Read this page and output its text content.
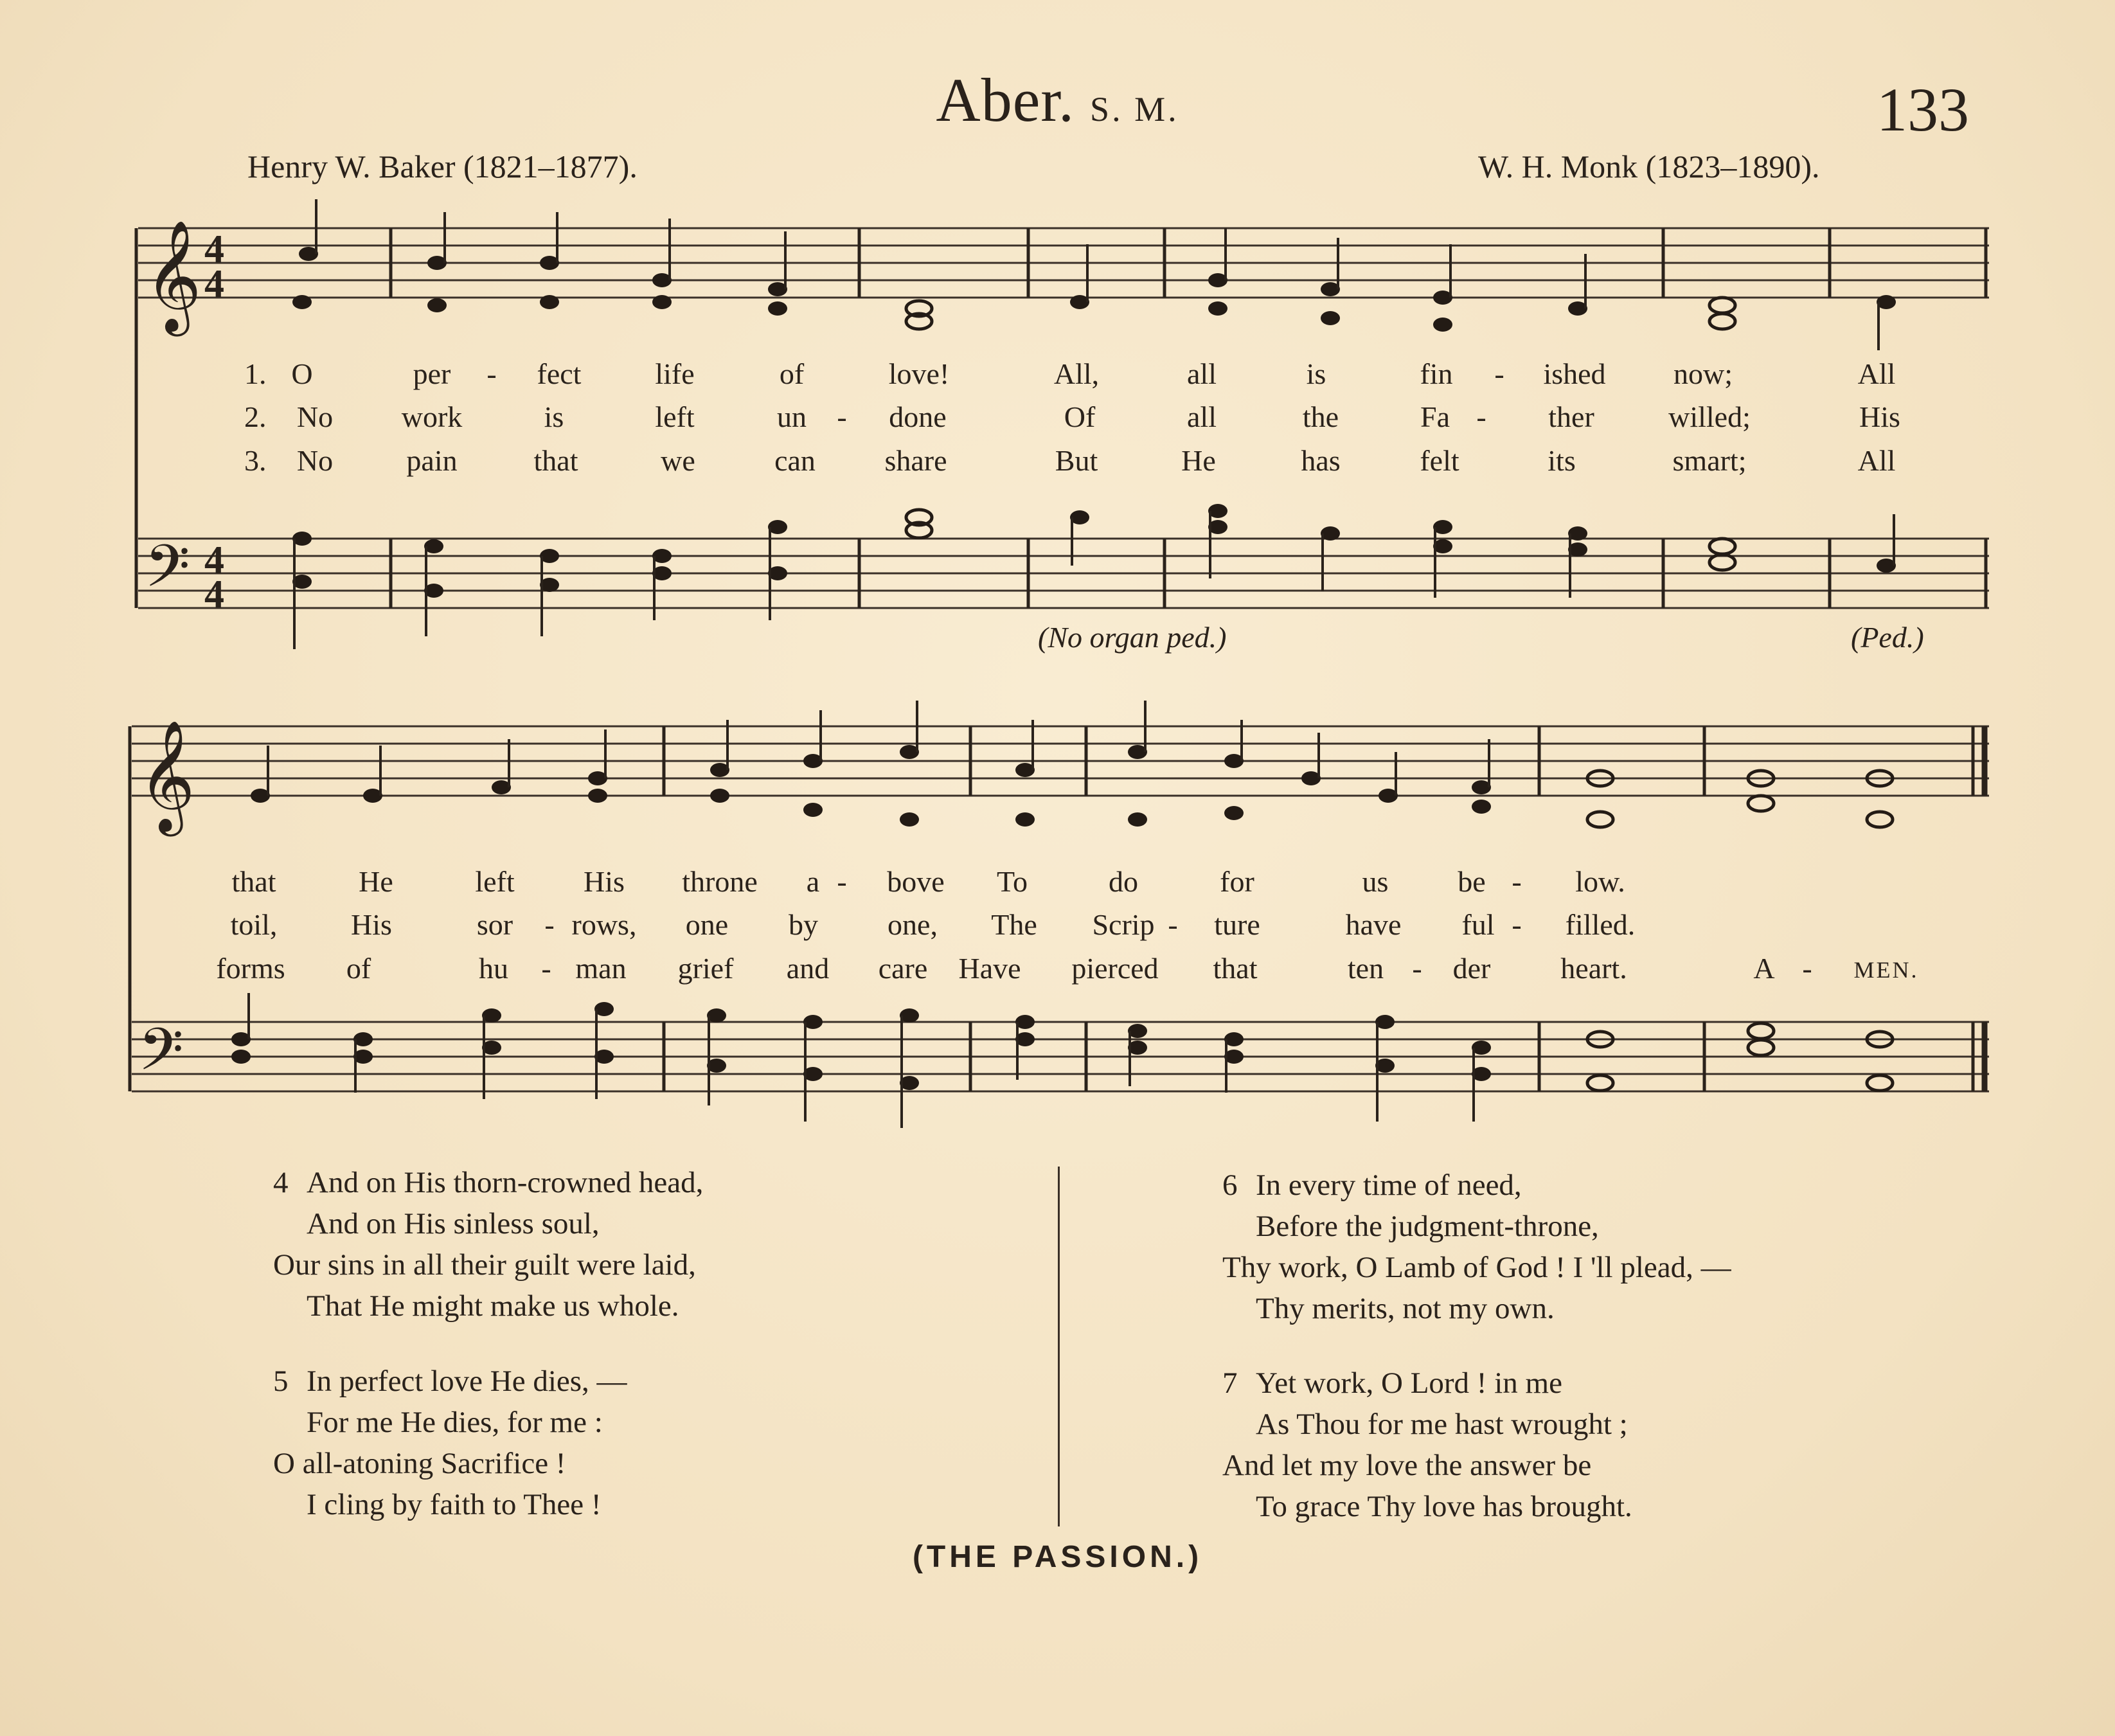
Aber. S. M.	133
Henry W. Baker (1821–1877).	W. H. Monk (1823–1890).
𝄞
𝄢
4
4
4
4
𝄞
𝄢
1. O	per - fect life	of	love!	All,	all	is	fin - ished now;	All
2. No work	is	left	un - done	Of	all	the	Fa - ther	willed;	His
3. No pain	that	we	can share	But	He	has	felt	its	smart;	All
(No organ ped.)	(Ped.)
that	He	left His throne a - bove To	do	for	us be - low.
toil, His	sor - rows, one by one, The Scrip - ture	have ful - filled.
forms of	hu - man grief and care Have pierced that	ten - der heart.	A - MEN.
4 And on His thorn-crowned head,
And on His sinless soul,
Our sins in all their guilt were laid,
That He might make us whole.
5 In perfect love He dies, —
For me He dies, for me :
O all-atoning Sacrifice !
I cling by faith to Thee !
6 In every time of need,
Before the judgment-throne,
Thy work, O Lamb of God ! I 'll plead, —
Thy merits, not my own.
7 Yet work, O Lord ! in me
As Thou for me hast wrought ;
And let my love the answer be
To grace Thy love has brought.
(THE PASSION.)
